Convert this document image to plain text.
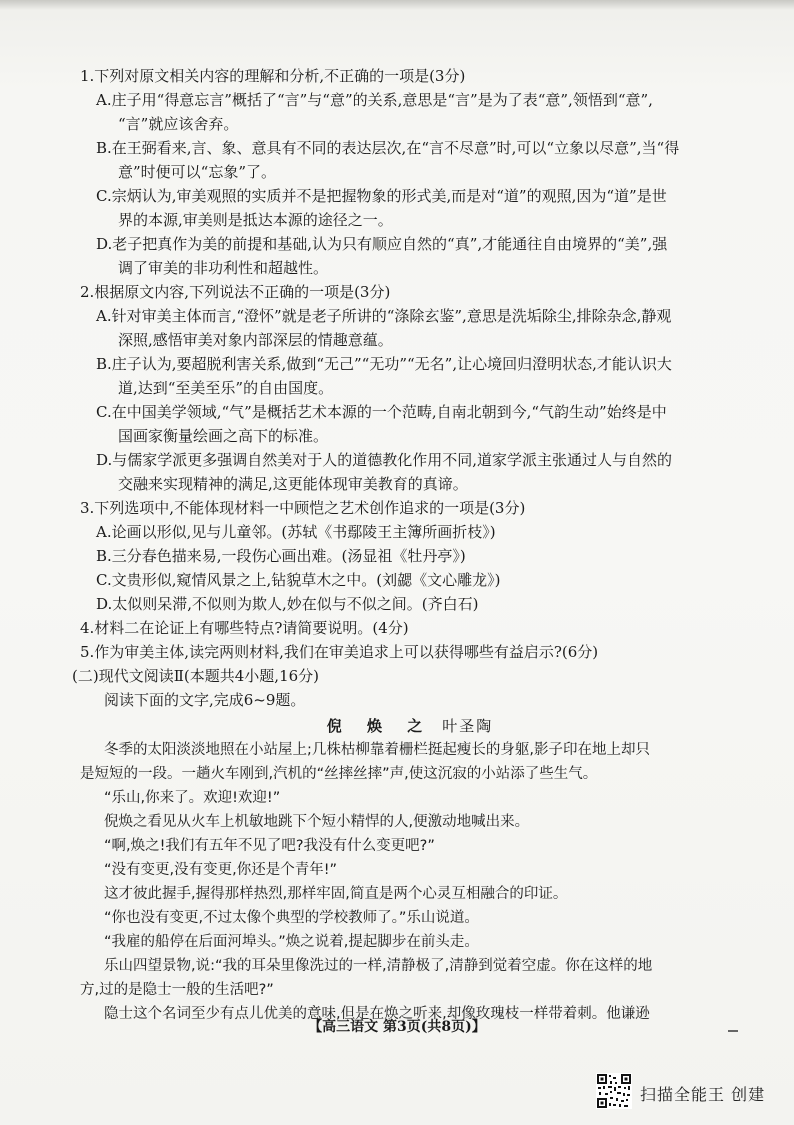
1.下列对原文相关内容的理解和分析,不正确的一项是(3分)
A.庄子用“得意忘言”概括了“言”与“意”的关系,意思是“言”是为了表“意”,领悟到“意”,
“言”就应该舍弃。
B.在王弼看来,言、象、意具有不同的表达层次,在“言不尽意”时,可以“立象以尽意”,当“得
意”时便可以“忘象”了。
C.宗炳认为,审美观照的实质并不是把握物象的形式美,而是对“道”的观照,因为“道”是世
界的本源,审美则是抵达本源的途径之一。
D.老子把真作为美的前提和基础,认为只有顺应自然的“真”,才能通往自由境界的“美”,强
调了审美的非功利性和超越性。
2.根据原文内容,下列说法不正确的一项是(3分)
A.针对审美主体而言,“澄怀”就是老子所讲的“涤除玄鉴”,意思是洗垢除尘,排除杂念,静观
深照,感悟审美对象内部深层的情趣意蕴。
B.庄子认为,要超脱利害关系,做到“无己”“无功”“无名”,让心境回归澄明状态,才能认识大
道,达到“至美至乐”的自由国度。
C.在中国美学领域,“气”是概括艺术本源的一个范畴,自南北朝到今,“气韵生动”始终是中
国画家衡量绘画之高下的标准。
D.与儒家学派更多强调自然美对于人的道德教化作用不同,道家学派主张通过人与自然的
交融来实现精神的满足,这更能体现审美教育的真谛。
3.下列选项中,不能体现材料一中顾恺之艺术创作追求的一项是(3分)
A.论画以形似,见与儿童邻。(苏轼《书鄢陵王主簿所画折枝》)
B.三分春色描来易,一段伤心画出难。(汤显祖《牡丹亭》)
C.文贵形似,窥情风景之上,钻貌草木之中。(刘勰《文心雕龙》)
D.太似则呆滞,不似则为欺人,妙在似与不似之间。(齐白石)
4.材料二在论证上有哪些特点?请简要说明。(4分)
5.作为审美主体,读完两则材料,我们在审美追求上可以获得哪些有益启示?(6分)
(二)现代文阅读Ⅱ(本题共4小题,16分)
阅读下面的文字,完成6~9题。
倪 焕 之 叶圣陶
冬季的太阳淡淡地照在小站屋上;几株枯柳靠着栅栏挺起瘦长的身躯,影子印在地上却只
是短短的一段。一趟火车刚到,汽机的“丝摔丝摔”声,使这沉寂的小站添了些生气。
“乐山,你来了。欢迎!欢迎!”
倪焕之看见从火车上机敏地跳下个短小精悍的人,便激动地喊出来。
“啊,焕之!我们有五年不见了吧?我没有什么变更吧?”
“没有变更,没有变更,你还是个青年!”
这才彼此握手,握得那样热烈,那样牢固,简直是两个心灵互相融合的印证。
“你也没有变更,不过太像个典型的学校教师了。”乐山说道。
“我雇的船停在后面河埠头。”焕之说着,提起脚步在前头走。
乐山四望景物,说:“我的耳朵里像洗过的一样,清静极了,清静到觉着空虚。你在这样的地
方,过的是隐士一般的生活吧?”
隐士这个名词至少有点儿优美的意味,但是在焕之听来,却像玫瑰枝一样带着刺。他谦逊
【高三语文 第3页(共8页)】
扫描全能王 创建
